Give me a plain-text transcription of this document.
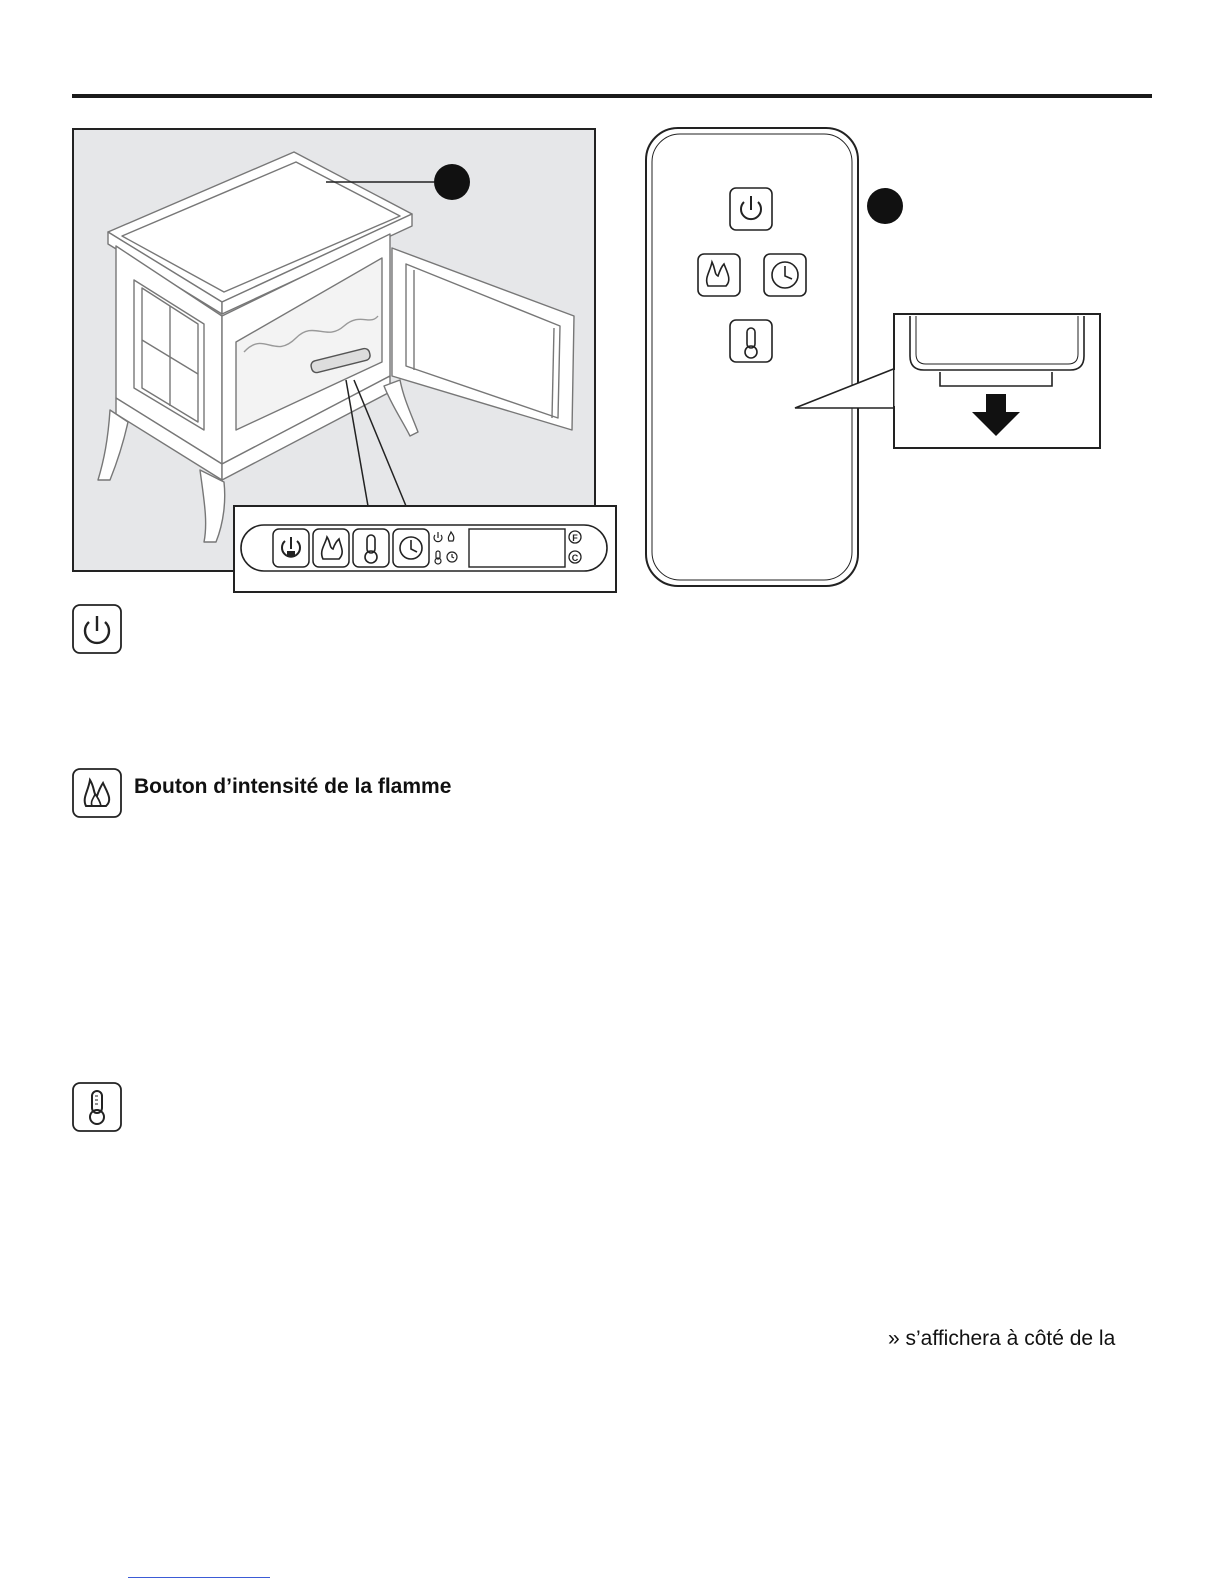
F
C
Bouton d’intensité de la flamme
» s’affichera à côté de la
